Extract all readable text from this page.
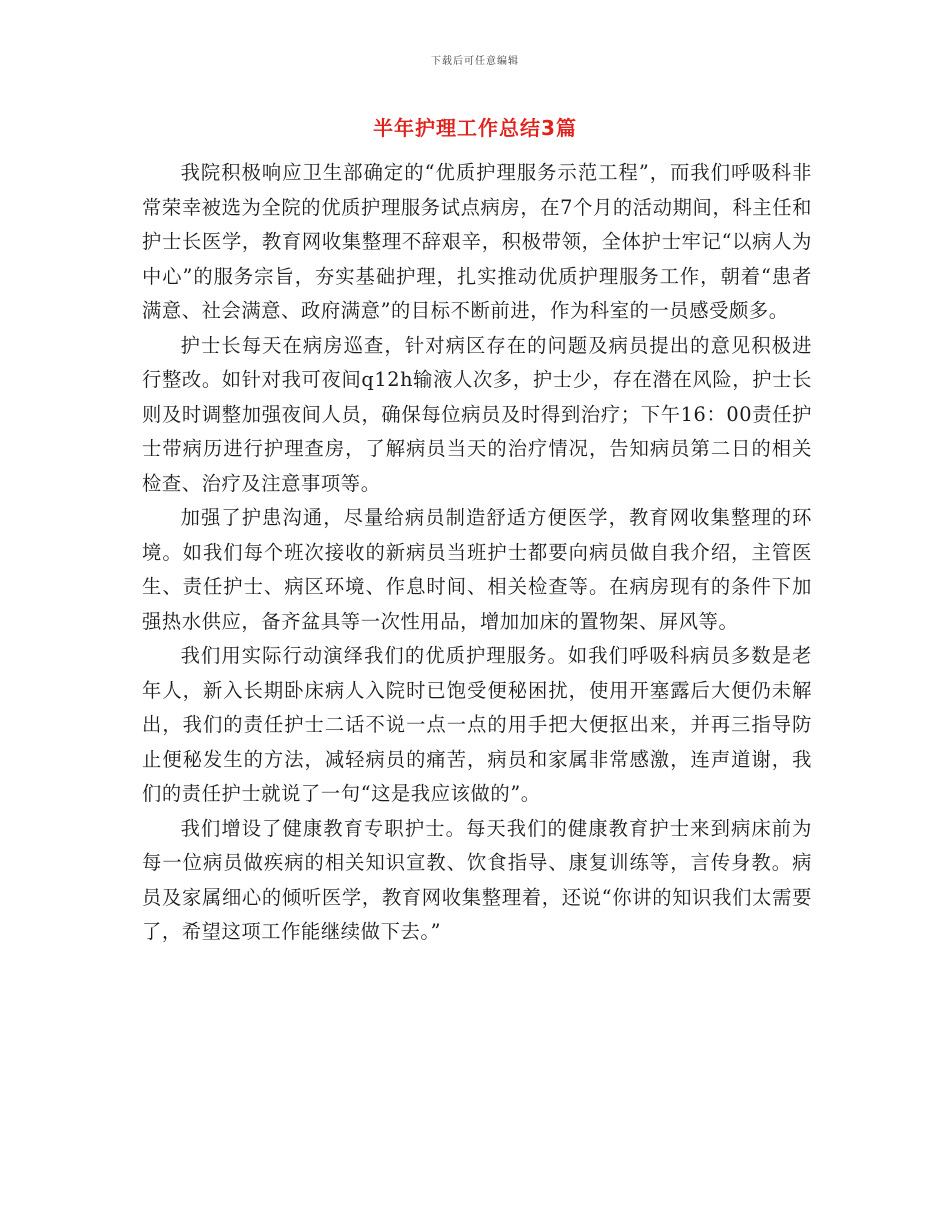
下载后可任意编辑
半年护理工作总结3篇

我院积极响应卫生部确定的“优质护理服务示范工程”，而我们呼吸科非常荣幸被选为全院的优质护理服务试点病房，在7个月的活动期间，科主任和护士长医学，教育网收集整理不辞艰辛，积极带领，全体护士牢记“以病人为中心”的服务宗旨，夯实基础护理，扎实推动优质护理服务工作，朝着“患者满意、社会满意、政府满意”的目标不断前进，作为科室的一员感受颇多。

护士长每天在病房巡查，针对病区存在的问题及病员提出的意见积极进行整改。如针对我可夜间q12h输液人次多，护士少，存在潜在风险，护士长则及时调整加强夜间人员，确保每位病员及时得到治疗；下午16：00责任护士带病历进行护理查房，了解病员当天的治疗情况，告知病员第二日的相关检查、治疗及注意事项等。

加强了护患沟通，尽量给病员制造舒适方便医学，教育网收集整理的环境。如我们每个班次接收的新病员当班护士都要向病员做自我介绍，主管医生、责任护士、病区环境、作息时间、相关检查等。在病房现有的条件下加强热水供应，备齐盆具等一次性用品，增加加床的置物架、屏风等。

我们用实际行动演绎我们的优质护理服务。如我们呼吸科病员多数是老年人，新入长期卧床病人入院时已饱受便秘困扰，使用开塞露后大便仍未解出，我们的责任护士二话不说一点一点的用手把大便抠出来，并再三指导防止便秘发生的方法，减轻病员的痛苦，病员和家属非常感激，连声道谢，我们的责任护士就说了一句“这是我应该做的”。

我们增设了健康教育专职护士。每天我们的健康教育护士来到病床前为每一位病员做疾病的相关知识宣教、饮食指导、康复训练等，言传身教。病员及家属细心的倾听医学，教育网收集整理着，还说“你讲的知识我们太需要了，希望这项工作能继续做下去。”
